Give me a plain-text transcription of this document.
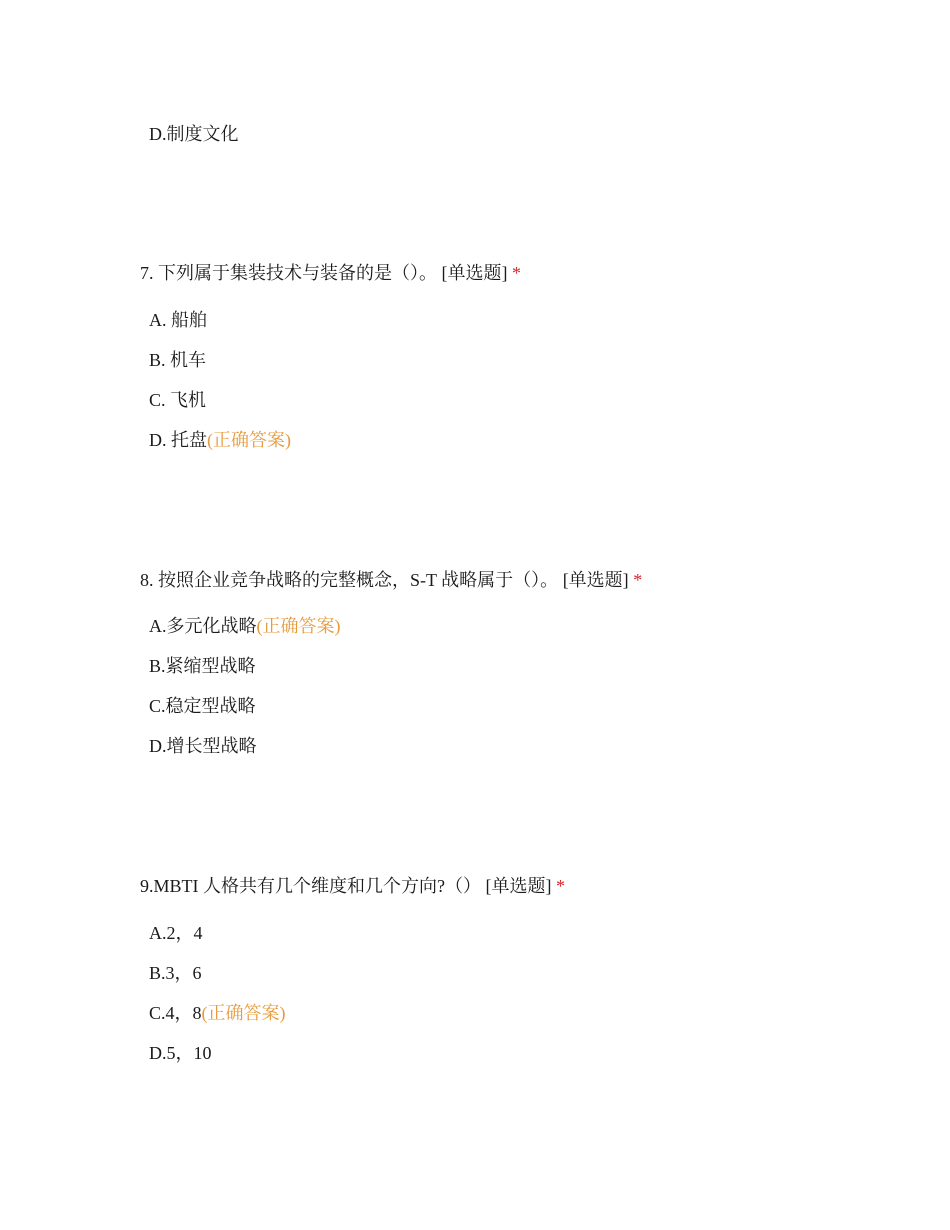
D.制度文化
7. 下列属于集装技术与装备的是（）。 [单选题] *
A. 船舶
B. 机车
C. 飞机
D. 托盘(正确答案)
8. 按照企业竞争战略的完整概念，S-T 战略属于（）。 [单选题] *
A.多元化战略(正确答案)
B.紧缩型战略
C.稳定型战略
D.增长型战略
9.MBTI 人格共有几个维度和几个方向?（） [单选题] *
A.2，4
B.3，6
C.4，8(正确答案)
D.5，10
